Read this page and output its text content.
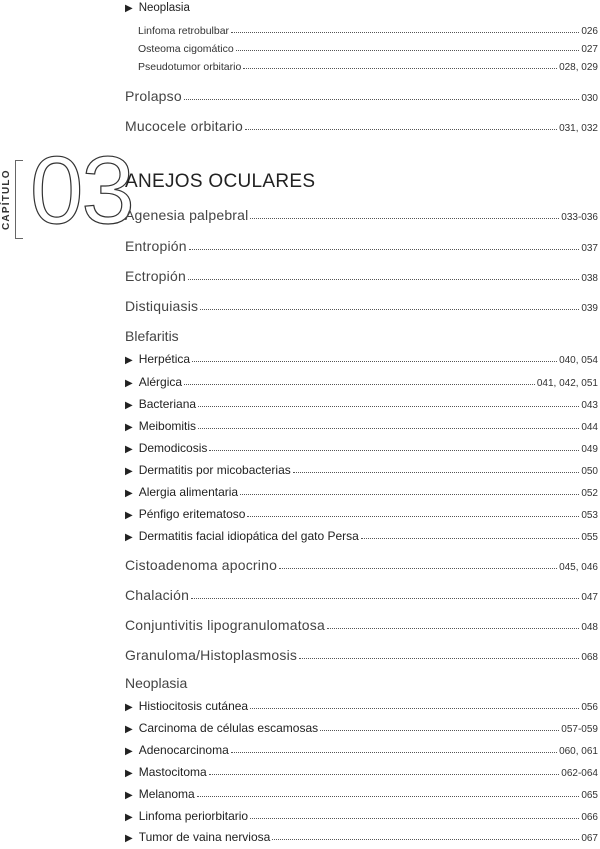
▶ Neoplasia
Linfoma retrobulbar	026
Osteoma cigomático	027
Pseudotumor orbitario	028, 029
Prolapso	030
Mucocele orbitario	031, 032
CAPÍTULO 03
ANEJOS OCULARES
Agenesia palpebral	033-036
Entropión	037
Ectropión	038
Distiquiasis	039
Blefaritis
▶ Herpética	040, 054
▶ Alérgica	041, 042, 051
▶ Bacteriana	043
▶ Meibomitis	044
▶ Demodicosis	049
▶ Dermatitis por micobacterias	050
▶ Alergia alimentaria	052
▶ Pénfigo eritematoso	053
▶ Dermatitis facial idiopática del gato Persa	055
Cistoadenoma apocrino	045, 046
Chalación	047
Conjuntivitis lipogranulomatosa	048
Granuloma/Histoplasmosis	068
Neoplasia
▶ Histiocitosis cutánea	056
▶ Carcinoma de células escamosas	057-059
▶ Adenocarcinoma	060, 061
▶ Mastocitoma	062-064
▶ Melanoma	065
▶ Linfoma periorbitario	066
▶ Tumor de vaina nerviosa	067
